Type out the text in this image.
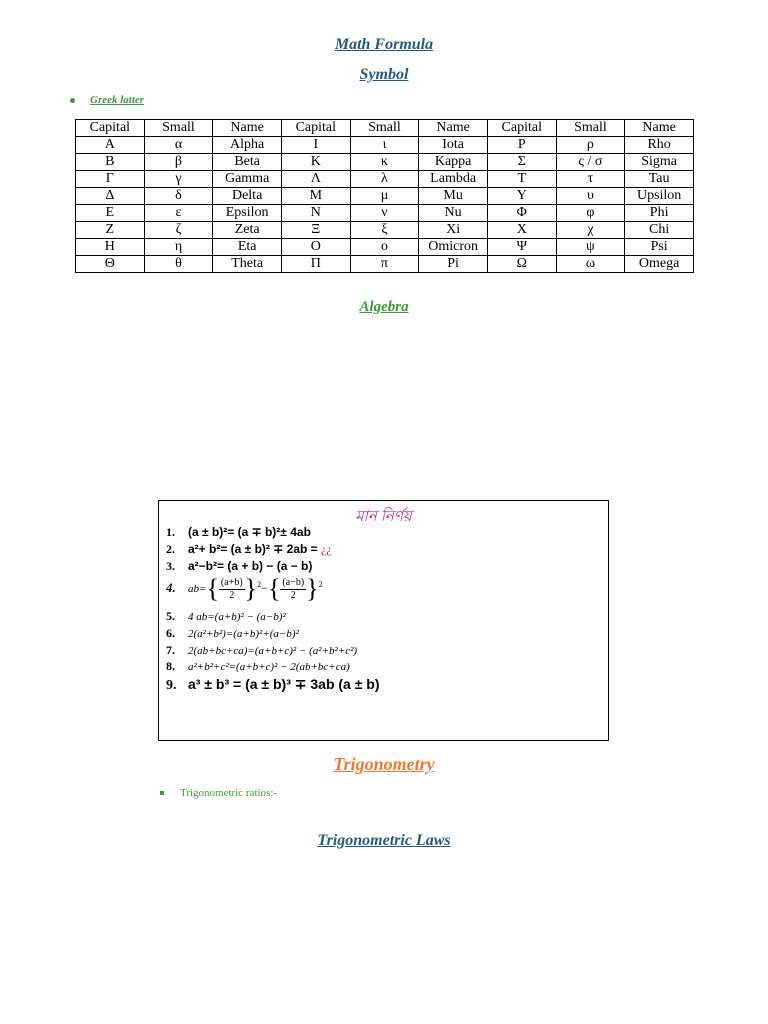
Math Formula
Symbol
Greek latter
Capital	Small	Name	Capital	Small	Name	Capital	Small	Name
Α	α	Alpha	Ι	ι	Iota	Ρ	ρ	Rho
Β	β	Beta	Κ	κ	Kappa	Σ	ς / σ	Sigma
Γ	γ	Gamma	Λ	λ	Lambda	Τ	τ	Tau
Δ	δ	Delta	Μ	μ	Mu	Υ	υ	Upsilon
Ε	ε	Epsilon	Ν	ν	Nu	Φ	φ	Phi
Ζ	ζ	Zeta	Ξ	ξ	Xi	Χ	χ	Chi
Η	η	Eta	Ο	ο	Omicron	Ψ	ψ	Psi
Θ	θ	Theta	Π	π	Pi	Ω	ω	Omega
Algebra
মান নির্ণয়
1. (a ± b)²= (a ∓ b)²± 4ab
2. a²+ b²= (a ± b)² ∓ 2ab = ¿¿
3. a²−b²= (a + b) − (a − b)
4. $ab=\{ \frac{(a+b)}{2} \}^2-\{ \frac{(a-b)}{2} \}^2$
5. 4 ab=(a+b)² − (a−b)²
6. 2(a²+b²)=(a+b)²+(a−b)²
7. 2(ab+bc+ca)=(a+b+c)² − (a²+b²+c²)
8. a²+b²+c²=(a+b+c)² − 2(ab+bc+ca)
9. a³ ± b³ = (a ± b)³ ∓ 3ab (a ± b)
Trigonometry
Trigonometric ratios:-
Trigonometric Laws
